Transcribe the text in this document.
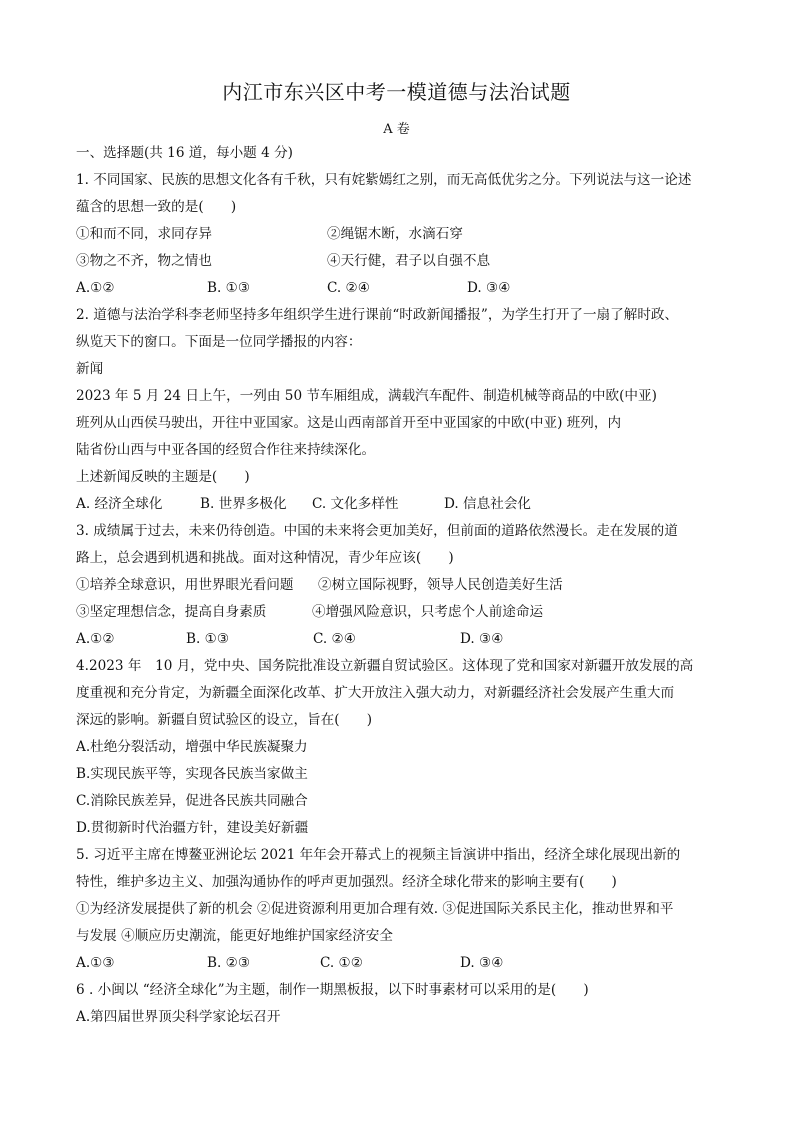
内江市东兴区中考一模道德与法治试题
A 卷
一、选择题(共 16 道，每小题 4 分)
1. 不同国家、民族的思想文化各有千秋，只有姹紫嫣红之别，而无高低优劣之分。下列说法与这一论述
蕴含的思想一致的是(　　)
①和而不同，求同存异	②绳锯木断，水滴石穿
③物之不齐，物之情也	④天行健，君子以自强不息
A.①②	B. ①③	C. ②④	D. ③④
2. 道德与法治学科李老师坚持多年组织学生进行课前“时政新闻播报”，为学生打开了一扇了解时政、
纵览天下的窗口。下面是一位同学播报的内容：
新闻
2023 年 5 月 24 日上午，一列由 50 节车厢组成，满载汽车配件、制造机械等商品的中欧(中亚)
班列从山西侯马驶出，开往中亚国家。这是山西南部首开至中亚国家的中欧(中亚) 班列，内
陆省份山西与中亚各国的经贸合作往来持续深化。
上述新闻反映的主题是(　　)
A. 经济全球化	B. 世界多极化 C. 文化多样性	D. 信息社会化
3. 成绩属于过去，未来仍待创造。中国的未来将会更加美好，但前面的道路依然漫长。走在发展的道
路上，总会遇到机遇和挑战。面对这种情况，青少年应该(　　)
①培养全球意识，用世界眼光看问题 ②树立国际视野，领导人民创造美好生活
③坚定理想信念，提高自身素质	④增强风险意识，只考虑个人前途命运
A.①②	B. ①③	C. ②④	D. ③④
4.2023 年　10 月，党中央、国务院批准设立新疆自贸试验区。这体现了党和国家对新疆开放发展的高
度重视和充分肯定，为新疆全面深化改革、扩大开放注入强大动力，对新疆经济社会发展产生重大而
深远的影响。新疆自贸试验区的设立，旨在(　　)
A.杜绝分裂活动，增强中华民族凝聚力
B.实现民族平等，实现各民族当家做主
C.消除民族差异，促进各民族共同融合
D.贯彻新时代治疆方针，建设美好新疆
5. 习近平主席在博鳌亚洲论坛 2021 年年会开幕式上的视频主旨演讲中指出，经济全球化展现出新的
特性，维护多边主义、加强沟通协作的呼声更加强烈。经济全球化带来的影响主要有(　　)
①为经济发展提供了新的机会 ②促进资源利用更加合理有效. ③促进国际关系民主化，推动世界和平
与发展 ④顺应历史潮流，能更好地维护国家经济安全
A.①③	B. ②③	C. ①②	D. ③④
6 . 小闽以 “经济全球化”为主题，制作一期黑板报，以下时事素材可以采用的是(　　)
A.第四届世界顶尖科学家论坛召开
